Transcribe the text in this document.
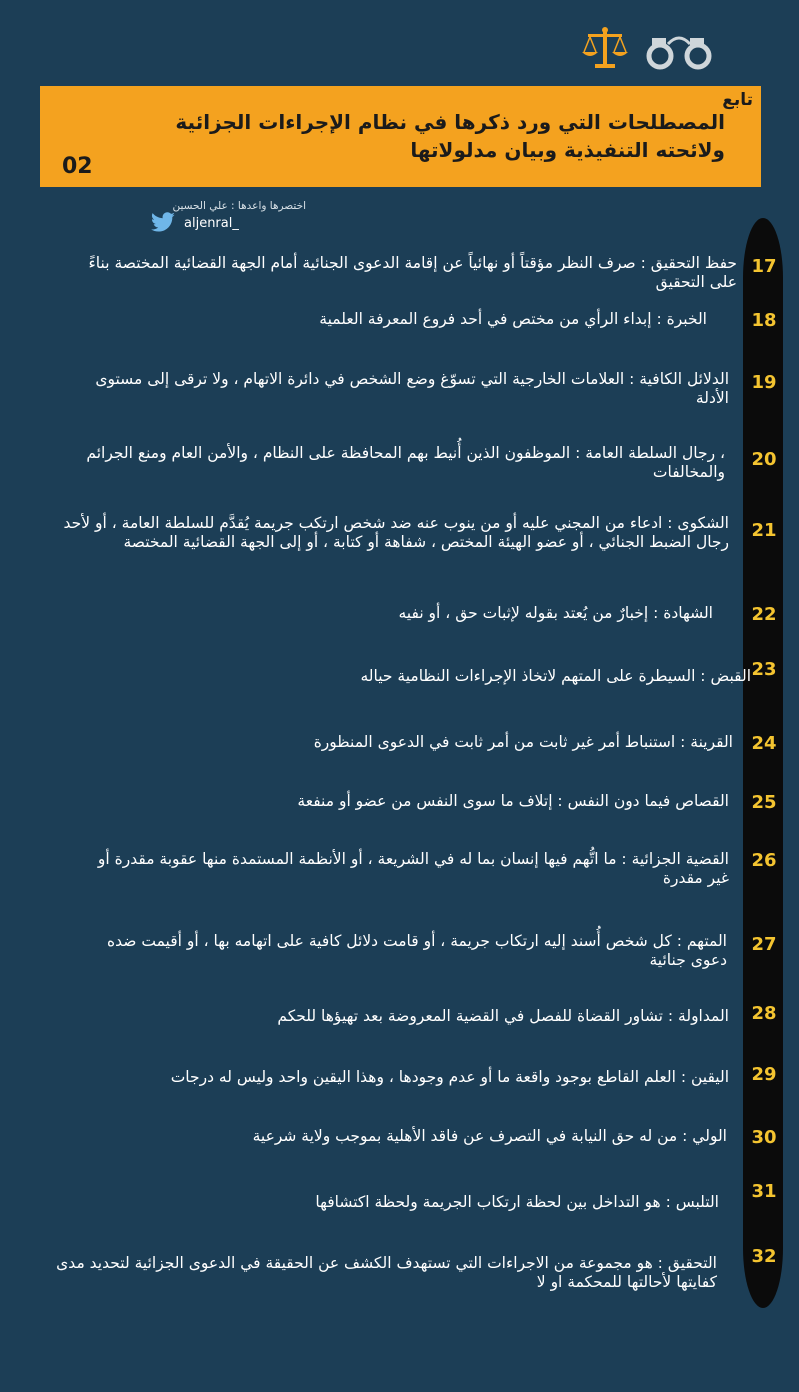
تابع
المصطلحات التي ورد ذكرها في نظام الإجراءات الجزائية
ولائحته التنفيذية وبيان مدلولاتها
02
اختصرها واعدها : علي الحسين
aljenral_
17
حفظ التحقيق : صرف النظر مؤقتاً أو نهائياً عن إقامة الدعوى الجنائية أمام الجهة القضائية المختصة بناءً على التحقيق
18
الخبرة : إبداء الرأي من مختص في أحد فروع المعرفة العلمية
19
الدلائل الكافية : العلامات الخارجية التي تسوّغ وضع الشخص في دائرة الاتهام ، ولا ترقى إلى مستوى الأدلة
20
، رجال السلطة العامة : الموظفون الذين أُنيط بهم المحافظة على النظام ، والأمن العام ومنع الجرائم والمخالفات
21
الشكوى : ادعاء من المجني عليه أو من ينوب عنه ضد شخص ارتكب جريمة يُقدَّم للسلطة العامة ، أو لأحد رجال الضبط الجنائي ، أو عضو الهيئة المختص ، شفاهة أو كتابة ، أو إلى الجهة القضائية المختصة
22
الشهادة : إخبارٌ من يُعتد بقوله لإثبات حق ، أو نفيه
23
القبض : السيطرة على المتهم لاتخاذ الإجراءات النظامية حياله
24
القرينة : استنباط أمر غير ثابت من أمر ثابت في الدعوى المنظورة
25
القصاص فيما دون النفس : إتلاف ما سوى النفس من عضو أو منفعة
26
القضية الجزائية : ما اتُّهم فيها إنسان بما له في الشريعة ، أو الأنظمة المستمدة منها عقوبة مقدرة أو غير مقدرة
27
المتهم : كل شخص أُسند إليه ارتكاب جريمة ، أو قامت دلائل كافية على اتهامه بها ، أو أقيمت ضده دعوى جنائية
28
المداولة : تشاور القضاة للفصل في القضية المعروضة بعد تهيؤها للحكم
29
اليقين : العلم القاطع بوجود واقعة ما أو عدم وجودها ، وهذا اليقين واحد وليس له درجات
30
الولي : من له حق النيابة في التصرف عن فاقد الأهلية بموجب ولاية شرعية
31
التلبس : هو التداخل بين لحظة ارتكاب الجريمة ولحظة اكتشافها
32
التحقيق : هو مجموعة من الاجراءات التي تستهدف الكشف عن الحقيقة في الدعوى الجزائية لتحديد مدى كفايتها لأحالتها للمحكمة او لا
